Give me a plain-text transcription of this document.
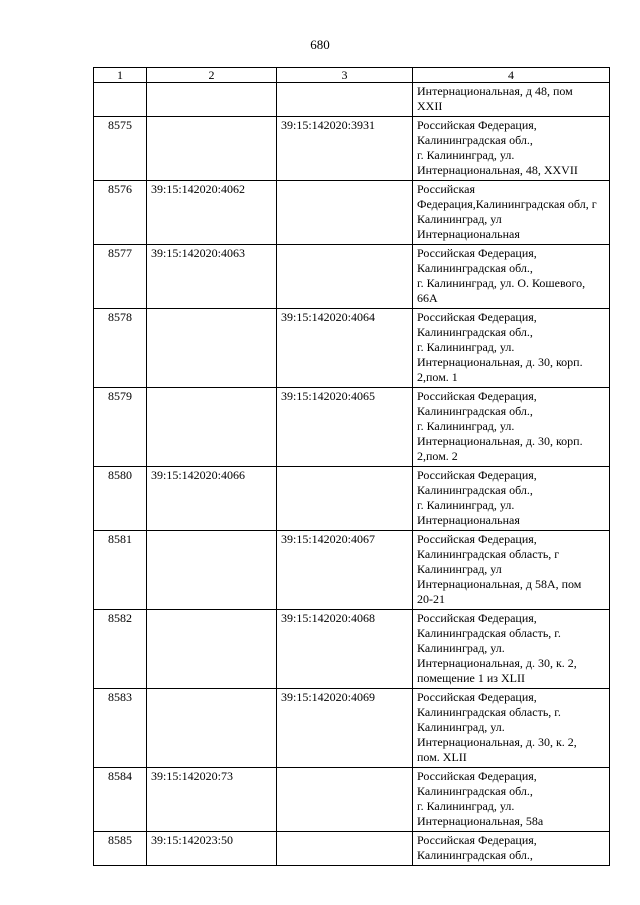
680
1	2	3	4

			Интернациональная, д 48, пом
XXII

8575		39:15:142020:3931	Российская Федерация,
Калининградская обл.,
г. Калининград, ул.
Интернациональная, 48, XXVII

8576	39:15:142020:4062		Российская
Федерация,Калининградская обл, г
Калининград, ул
Интернациональная

8577	39:15:142020:4063		Российская Федерация,
Калининградская обл.,
г. Калининград, ул. О. Кошевого,
66А

8578		39:15:142020:4064	Российская Федерация,
Калининградская обл.,
г. Калининград, ул.
Интернациональная, д. 30, корп.
2,пом. 1

8579		39:15:142020:4065	Российская Федерация,
Калининградская обл.,
г. Калининград, ул.
Интернациональная, д. 30, корп.
2,пом. 2

8580	39:15:142020:4066		Российская Федерация,
Калининградская обл.,
г. Калининград, ул.
Интернациональная

8581		39:15:142020:4067	Российская Федерация,
Калининградская область, г
Калининград, ул
Интернациональная, д 58А, пом
20-21

8582		39:15:142020:4068	Российская Федерация,
Калининградская область, г.
Калининград, ул.
Интернациональная, д. 30, к. 2,
помещение 1 из XLII

8583		39:15:142020:4069	Российская Федерация,
Калининградская область, г.
Калининград, ул.
Интернациональная, д. 30, к. 2,
пом. XLII

8584	39:15:142020:73		Российская Федерация,
Калининградская обл.,
г. Калининград, ул.
Интернациональная, 58а

8585	39:15:142023:50		Российская Федерация,
Калининградская обл.,
